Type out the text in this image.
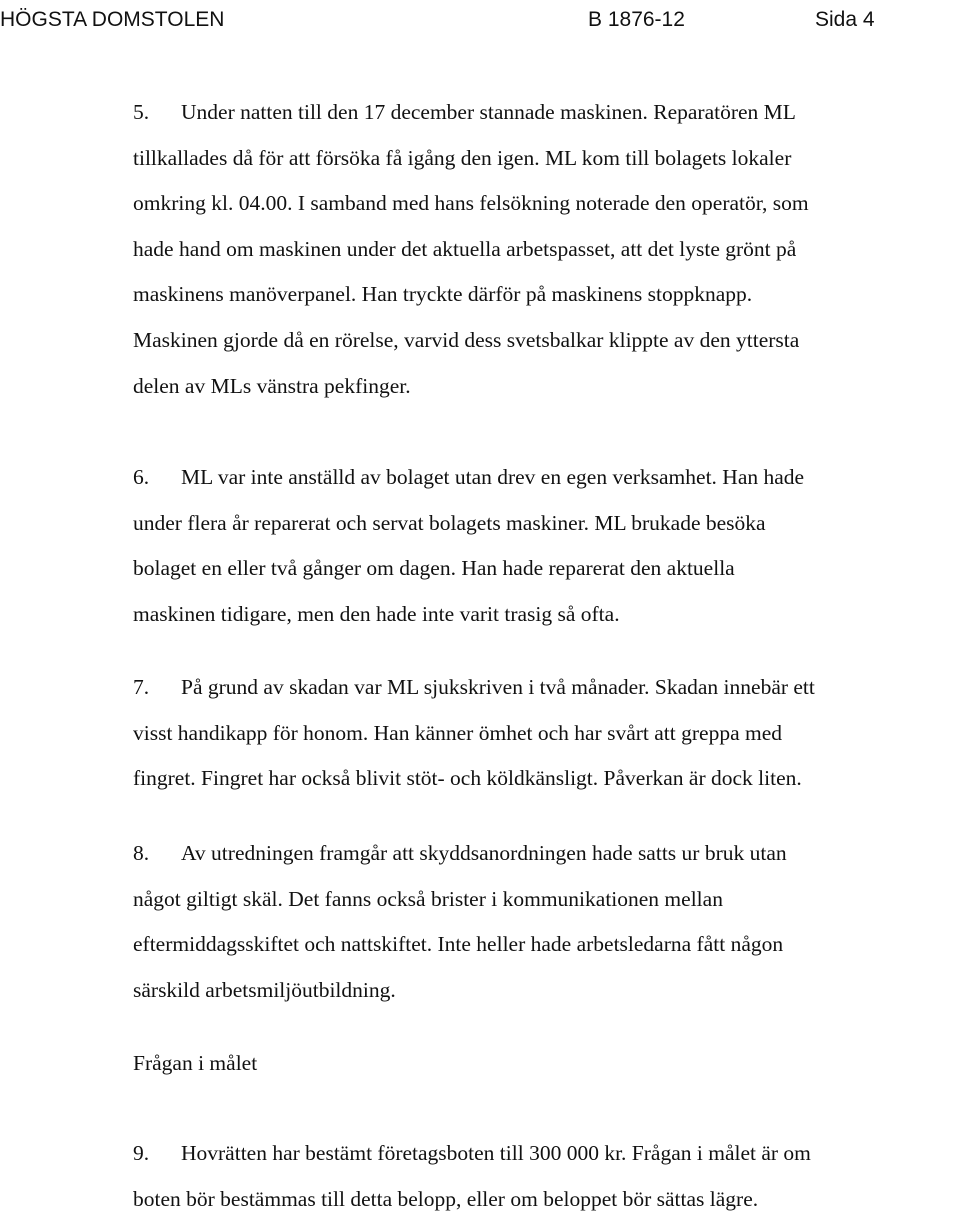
HÖGSTA DOMSTOLEN	B 1876-12	Sida 4
5. Under natten till den 17 december stannade maskinen. Reparatören ML
tillkallades då för att försöka få igång den igen. ML kom till bolagets lokaler
omkring kl. 04.00. I samband med hans felsökning noterade den operatör, som
hade hand om maskinen under det aktuella arbetspasset, att det lyste grönt på
maskinens manöverpanel. Han tryckte därför på maskinens stoppknapp.
Maskinen gjorde då en rörelse, varvid dess svetsbalkar klippte av den yttersta
delen av MLs vänstra pekfinger.
6. ML var inte anställd av bolaget utan drev en egen verksamhet. Han hade
under flera år reparerat och servat bolagets maskiner. ML brukade besöka
bolaget en eller två gånger om dagen. Han hade reparerat den aktuella
maskinen tidigare, men den hade inte varit trasig så ofta.
7. På grund av skadan var ML sjukskriven i två månader. Skadan innebär ett
visst handikapp för honom. Han känner ömhet och har svårt att greppa med
fingret. Fingret har också blivit stöt- och köldkänsligt. Påverkan är dock liten.
8. Av utredningen framgår att skyddsanordningen hade satts ur bruk utan
något giltigt skäl. Det fanns också brister i kommunikationen mellan
eftermiddagsskiftet och nattskiftet. Inte heller hade arbetsledarna fått någon
särskild arbetsmiljöutbildning.
Frågan i målet
9. Hovrätten har bestämt företagsboten till 300 000 kr. Frågan i målet är om
boten bör bestämmas till detta belopp, eller om beloppet bör sättas lägre.
